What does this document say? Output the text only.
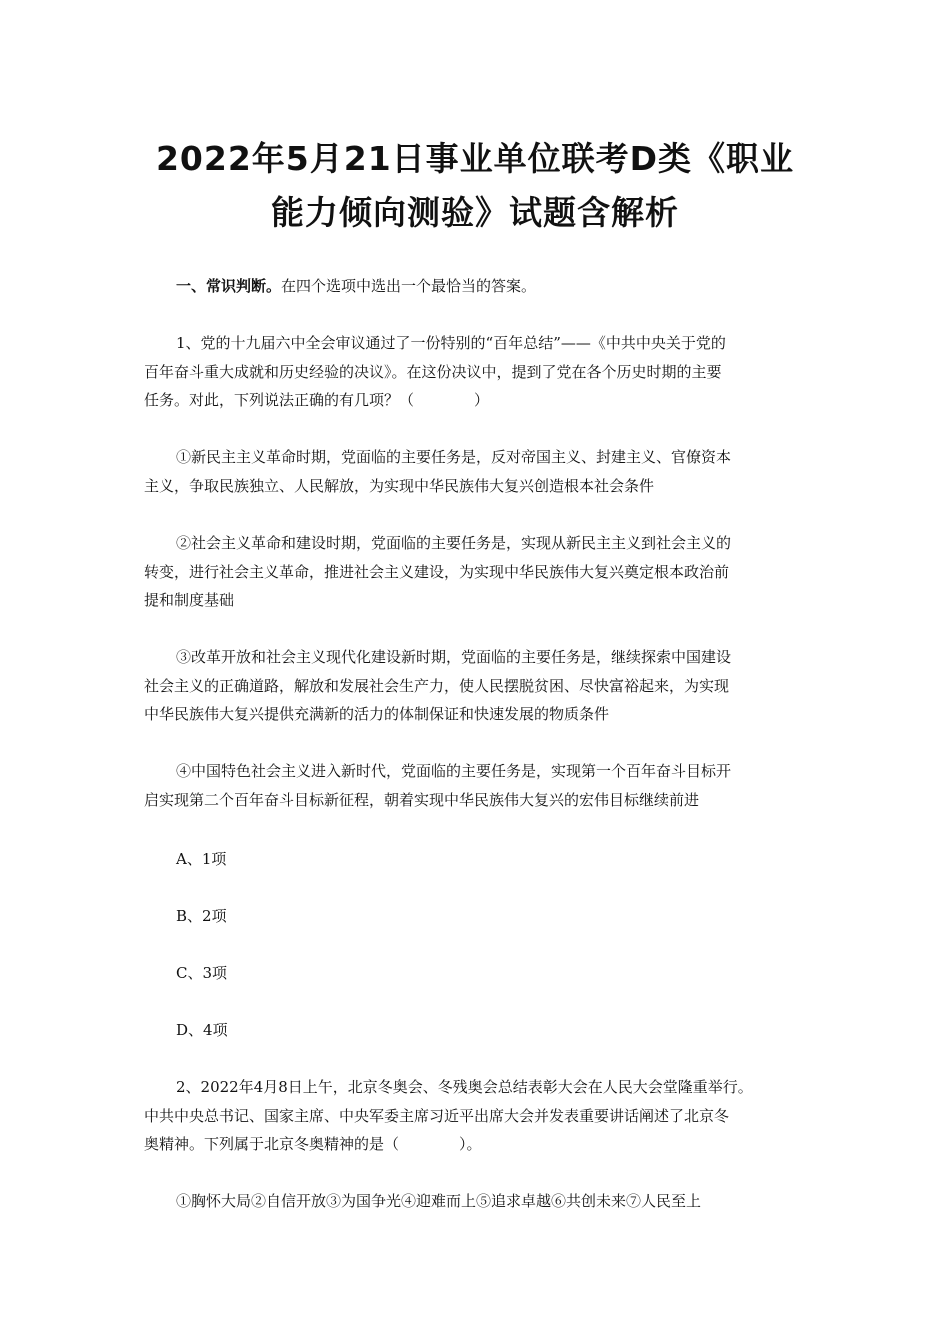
2022年5月21日事业单位联考D类《职业
能力倾向测验》试题含解析

一、常识判断。在四个选项中选出一个最恰当的答案。

1、党的十九届六中全会审议通过了一份特别的“百年总结”——《中共中央关于党的
百年奋斗重大成就和历史经验的决议》。在这份决议中，提到了党在各个历史时期的主要
任务。对此，下列说法正确的有几项？（　　　　）

①新民主主义革命时期，党面临的主要任务是，反对帝国主义、封建主义、官僚资本
主义，争取民族独立、人民解放，为实现中华民族伟大复兴创造根本社会条件

②社会主义革命和建设时期，党面临的主要任务是，实现从新民主主义到社会主义的
转变，进行社会主义革命，推进社会主义建设，为实现中华民族伟大复兴奠定根本政治前
提和制度基础

③改革开放和社会主义现代化建设新时期，党面临的主要任务是，继续探索中国建设
社会主义的正确道路，解放和发展社会生产力，使人民摆脱贫困、尽快富裕起来，为实现
中华民族伟大复兴提供充满新的活力的体制保证和快速发展的物质条件

④中国特色社会主义进入新时代，党面临的主要任务是，实现第一个百年奋斗目标开
启实现第二个百年奋斗目标新征程，朝着实现中华民族伟大复兴的宏伟目标继续前进

A、1项

B、2项

C、3项

D、4项

2、2022年4月8日上午，北京冬奥会、冬残奥会总结表彰大会在人民大会堂隆重举行。
中共中央总书记、国家主席、中央军委主席习近平出席大会并发表重要讲话阐述了北京冬
奥精神。下列属于北京冬奥精神的是（　　　　）。

①胸怀大局②自信开放③为国争光④迎难而上⑤追求卓越⑥共创未来⑦人民至上
